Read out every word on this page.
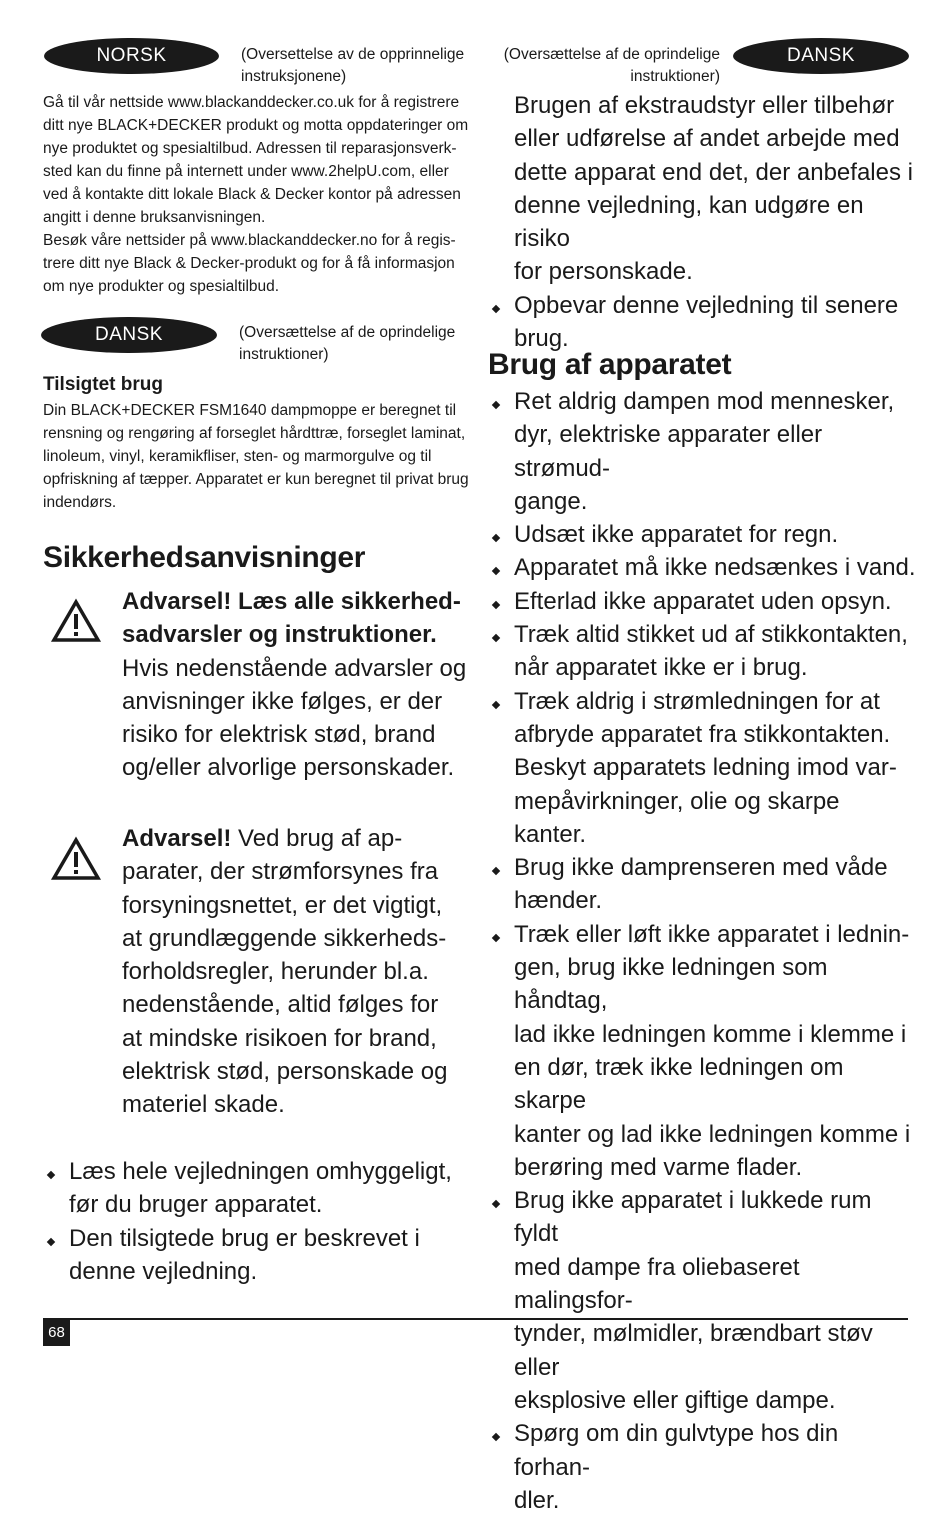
NORSK	(Oversettelse av de opprinnelige
instruksjonene)
Gå til vår nettside www.blackanddecker.co.uk for å registrere
ditt nye BLACK+DECKER produkt og motta oppdateringer om
nye produktet og spesialtilbud. Adressen til reparasjonsverk-
sted kan du finne på internett under www.2helpU.com, eller
ved å kontakte ditt lokale Black & Decker kontor på adressen
angitt i denne bruksanvisningen.
Besøk våre nettsider på www.blackanddecker.no for å regis-
trere ditt nye Black & Decker-produkt og for å få informasjon
om nye produkter og spesialtilbud.
DANSK	(Oversættelse af de oprindelige
instruktioner)
Tilsigtet brug
Din BLACK+DECKER FSM1640 dampmoppe er beregnet til
rensning og rengøring af forseglet hårdttræ, forseglet laminat,
linoleum, vinyl, keramikfliser, sten- og marmorgulve og til
opfriskning af tæpper. Apparatet er kun beregnet til privat brug
indendørs.
Sikkerhedsanvisninger
Advarsel! Læs alle sikkerhed-
sadvarsler og instruktioner.
Hvis nedenstående advarsler og
anvisninger ikke følges, er der
risiko for elektrisk stød, brand
og/eller alvorlige personskader.
Advarsel! Ved brug af ap-
parater, der strømforsynes fra
forsyningsnettet, er det vigtigt,
at grundlæggende sikkerheds-
forholdsregler, herunder bl.a.
nedenstående, altid følges for
at mindske risikoen for brand,
elektrisk stød, personskade og
materiel skade.
Læs hele vejledningen omhyggeligt,
før du bruger apparatet.
Den tilsigtede brug er beskrevet i
denne vejledning.
(Oversættelse af de oprindelige
instruktioner)
DANSK
Brugen af ekstraudstyr eller tilbehør
eller udførelse af andet arbejde med
dette apparat end det, der anbefales i
denne vejledning, kan udgøre en risiko
for personskade.
Opbevar denne vejledning til senere
brug.
Brug af apparatet
Ret aldrig dampen mod mennesker,
dyr, elektriske apparater eller strømud-
gange.
Udsæt ikke apparatet for regn.
Apparatet må ikke nedsænkes i vand.
Efterlad ikke apparatet uden opsyn.
Træk altid stikket ud af stikkontakten,
når apparatet ikke er i brug.
Træk aldrig i strømledningen for at
afbryde apparatet fra stikkontakten.
Beskyt apparatets ledning imod var-
mepåvirkninger, olie og skarpe kanter.
Brug ikke damprenseren med våde
hænder.
Træk eller løft ikke apparatet i lednin-
gen, brug ikke ledningen som håndtag,
lad ikke ledningen komme i klemme i
en dør, træk ikke ledningen om skarpe
kanter og lad ikke ledningen komme i
berøring med varme flader.
Brug ikke apparatet i lukkede rum fyldt
med dampe fra oliebaseret malingsfor-
tynder, mølmidler, brændbart støv eller
eksplosive eller giftige dampe.
Spørg om din gulvtype hos din forhan-
dler.
68
